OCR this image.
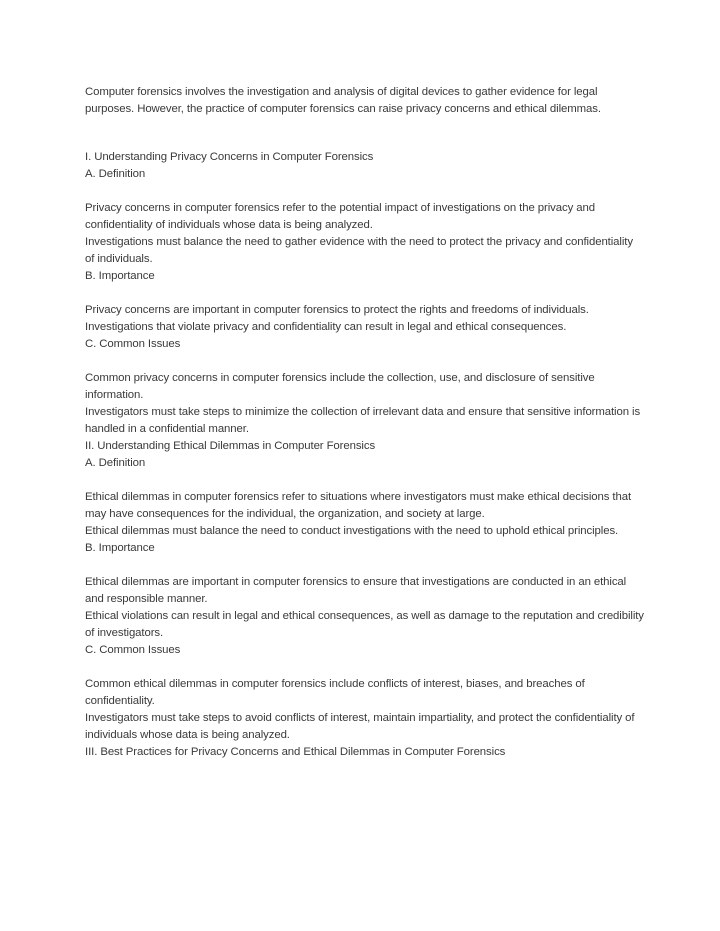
Computer forensics involves the investigation and analysis of digital devices to gather evidence for legal purposes. However, the practice of computer forensics can raise privacy concerns and ethical dilemmas.

I. Understanding Privacy Concerns in Computer Forensics

A. Definition

Privacy concerns in computer forensics refer to the potential impact of investigations on the privacy and confidentiality of individuals whose data is being analyzed.

Investigations must balance the need to gather evidence with the need to protect the privacy and confidentiality of individuals.

B. Importance

Privacy concerns are important in computer forensics to protect the rights and freedoms of individuals.

Investigations that violate privacy and confidentiality can result in legal and ethical consequences.

C. Common Issues

Common privacy concerns in computer forensics include the collection, use, and disclosure of sensitive information.

Investigators must take steps to minimize the collection of irrelevant data and ensure that sensitive information is handled in a confidential manner.

II. Understanding Ethical Dilemmas in Computer Forensics

A. Definition

Ethical dilemmas in computer forensics refer to situations where investigators must make ethical decisions that may have consequences for the individual, the organization, and society at large.

Ethical dilemmas must balance the need to conduct investigations with the need to uphold ethical principles.

B. Importance

Ethical dilemmas are important in computer forensics to ensure that investigations are conducted in an ethical and responsible manner.

Ethical violations can result in legal and ethical consequences, as well as damage to the reputation and credibility of investigators.

C. Common Issues

Common ethical dilemmas in computer forensics include conflicts of interest, biases, and breaches of confidentiality.

Investigators must take steps to avoid conflicts of interest, maintain impartiality, and protect the confidentiality of individuals whose data is being analyzed.

III. Best Practices for Privacy Concerns and Ethical Dilemmas in Computer Forensics
